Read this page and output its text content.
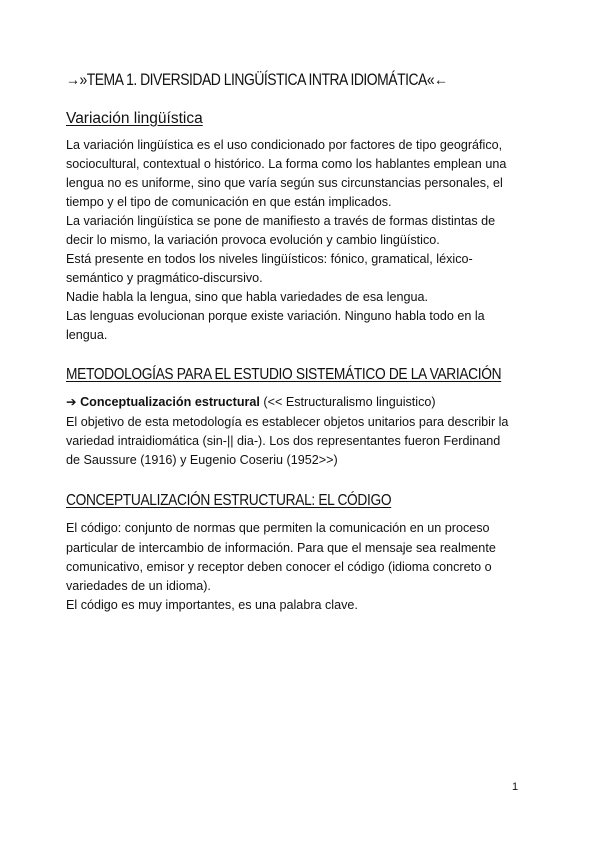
→»TEMA 1. DIVERSIDAD LINGÜÍSTICA INTRA IDIOMÁTICA«←
Variación lingüística
La variación lingüística es el uso condicionado por factores de tipo geográfico,
sociocultural, contextual o histórico. La forma como los hablantes emplean una
lengua no es uniforme, sino que varía según sus circunstancias personales, el
tiempo y el tipo de comunicación en que están implicados.
La variación lingüística se pone de manifiesto a través de formas distintas de
decir lo mismo, la variación provoca evolución y cambio lingüístico.
Está presente en todos los niveles lingüísticos: fónico, gramatical, léxico-
semántico y pragmático-discursivo.
Nadie habla la lengua, sino que habla variedades de esa lengua.
Las lenguas evolucionan porque existe variación. Ninguno habla todo en la
lengua.
METODOLOGÍAS PARA EL ESTUDIO SISTEMÁTICO DE LA VARIACIÓN
➔ Conceptualización estructural (<< Estructuralismo linguistico)
El objetivo de esta metodología es establecer objetos unitarios para describir la
variedad intraidiomática (sin-|| dia-). Los dos representantes fueron Ferdinand
de Saussure (1916) y Eugenio Coseriu (1952>>)
CONCEPTUALIZACIÓN ESTRUCTURAL: EL CÓDIGO
El código: conjunto de normas que permiten la comunicación en un proceso
particular de intercambio de información. Para que el mensaje sea realmente
comunicativo, emisor y receptor deben conocer el código (idioma concreto o
variedades de un idioma).
El código es muy importantes, es una palabra clave.
1
